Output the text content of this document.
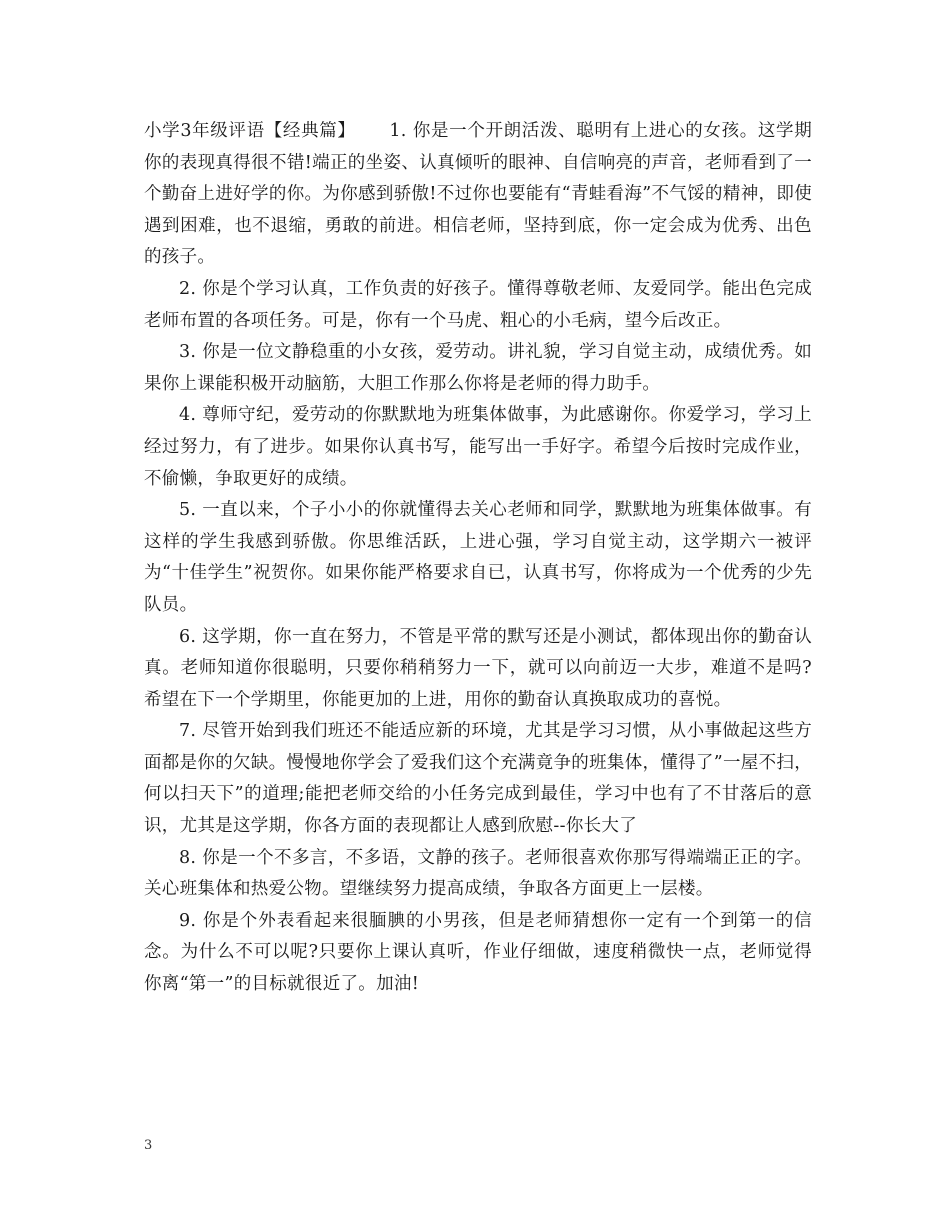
小学3年级评语【经典篇】　　 1. 你是一个开朗活泼、聪明有上进心的女孩。这学期你的表现真得很不错!端正的坐姿、认真倾听的眼神、自信响亮的声音，老师看到了一个勤奋上进好学的你。为你感到骄傲!不过你也要能有“青蛙看海”不气馁的精神，即使遇到困难，也不退缩，勇敢的前进。相信老师，坚持到底，你一定会成为优秀、出色的孩子。

2. 你是个学习认真，工作负责的好孩子。懂得尊敬老师、友爱同学。能出色完成老师布置的各项任务。可是，你有一个马虎、粗心的小毛病，望今后改正。

3. 你是一位文静稳重的小女孩，爱劳动。讲礼貌，学习自觉主动，成绩优秀。如果你上课能积极开动脑筋，大胆工作那么你将是老师的得力助手。

4. 尊师守纪，爱劳动的你默默地为班集体做事，为此感谢你。你爱学习，学习上经过努力，有了进步。如果你认真书写，能写出一手好字。希望今后按时完成作业，不偷懒，争取更好的成绩。

5. 一直以来，个子小小的你就懂得去关心老师和同学，默默地为班集体做事。有这样的学生我感到骄傲。你思维活跃，上进心强，学习自觉主动，这学期六一被评为“十佳学生”祝贺你。如果你能严格要求自已，认真书写，你将成为一个优秀的少先队员。

6. 这学期，你一直在努力，不管是平常的默写还是小测试，都体现出你的勤奋认真。老师知道你很聪明，只要你稍稍努力一下，就可以向前迈一大步，难道不是吗?希望在下一个学期里，你能更加的上进，用你的勤奋认真换取成功的喜悦。

7. 尽管开始到我们班还不能适应新的环境，尤其是学习习惯，从小事做起这些方面都是你的欠缺。慢慢地你学会了爱我们这个充满竟争的班集体，懂得了”一屋不扫，何以扫天下”的道理;能把老师交给的小任务完成到最佳，学习中也有了不甘落后的意识，尤其是这学期，你各方面的表现都让人感到欣慰--你长大了

8. 你是一个不多言，不多语，文静的孩子。老师很喜欢你那写得端端正正的字。关心班集体和热爱公物。望继续努力提高成绩，争取各方面更上一层楼。

9. 你是个外表看起来很腼腆的小男孩，但是老师猜想你一定有一个到第一的信念。为什么不可以呢?只要你上课认真听，作业仔细做，速度稍微快一点，老师觉得你离“第一”的目标就很近了。加油!

3
